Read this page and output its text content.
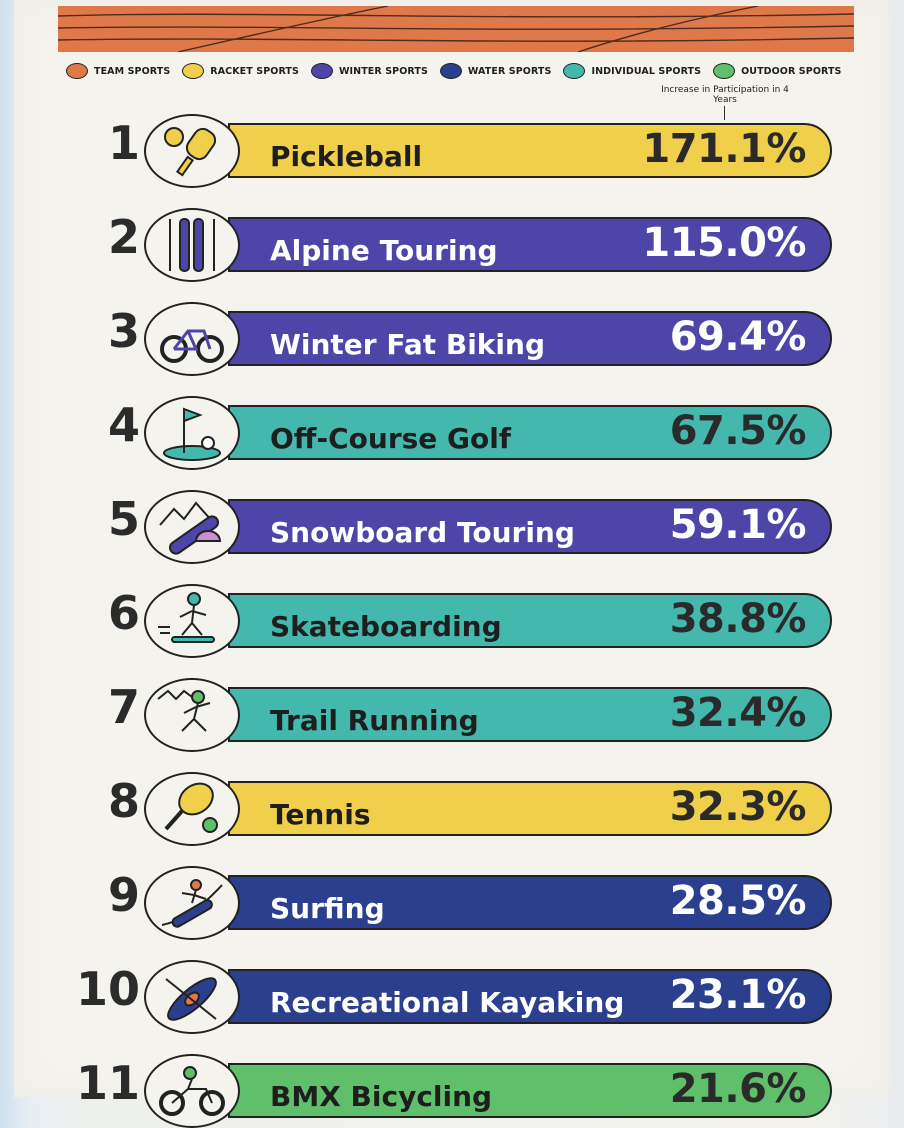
TEAM SPORTS	RACKET SPORTS	WINTER SPORTS	WATER SPORTS	INDIVIDUAL SPORTS	OUTDOOR SPORTS
Increase in Participation in 4 Years
1	Pickleball	171.1%
2	Alpine Touring	115.0%
3	Winter Fat Biking	69.4%
4	Off-Course Golf	67.5%
5	Snowboard Touring 59.1%
6	Skateboarding	38.8%
7	Trail Running	32.4%
8	Tennis	32.3%
9	Surfing	28.5%
10	Recreational Kayaking 23.1%
11	BMX Bicycling	21.6%
